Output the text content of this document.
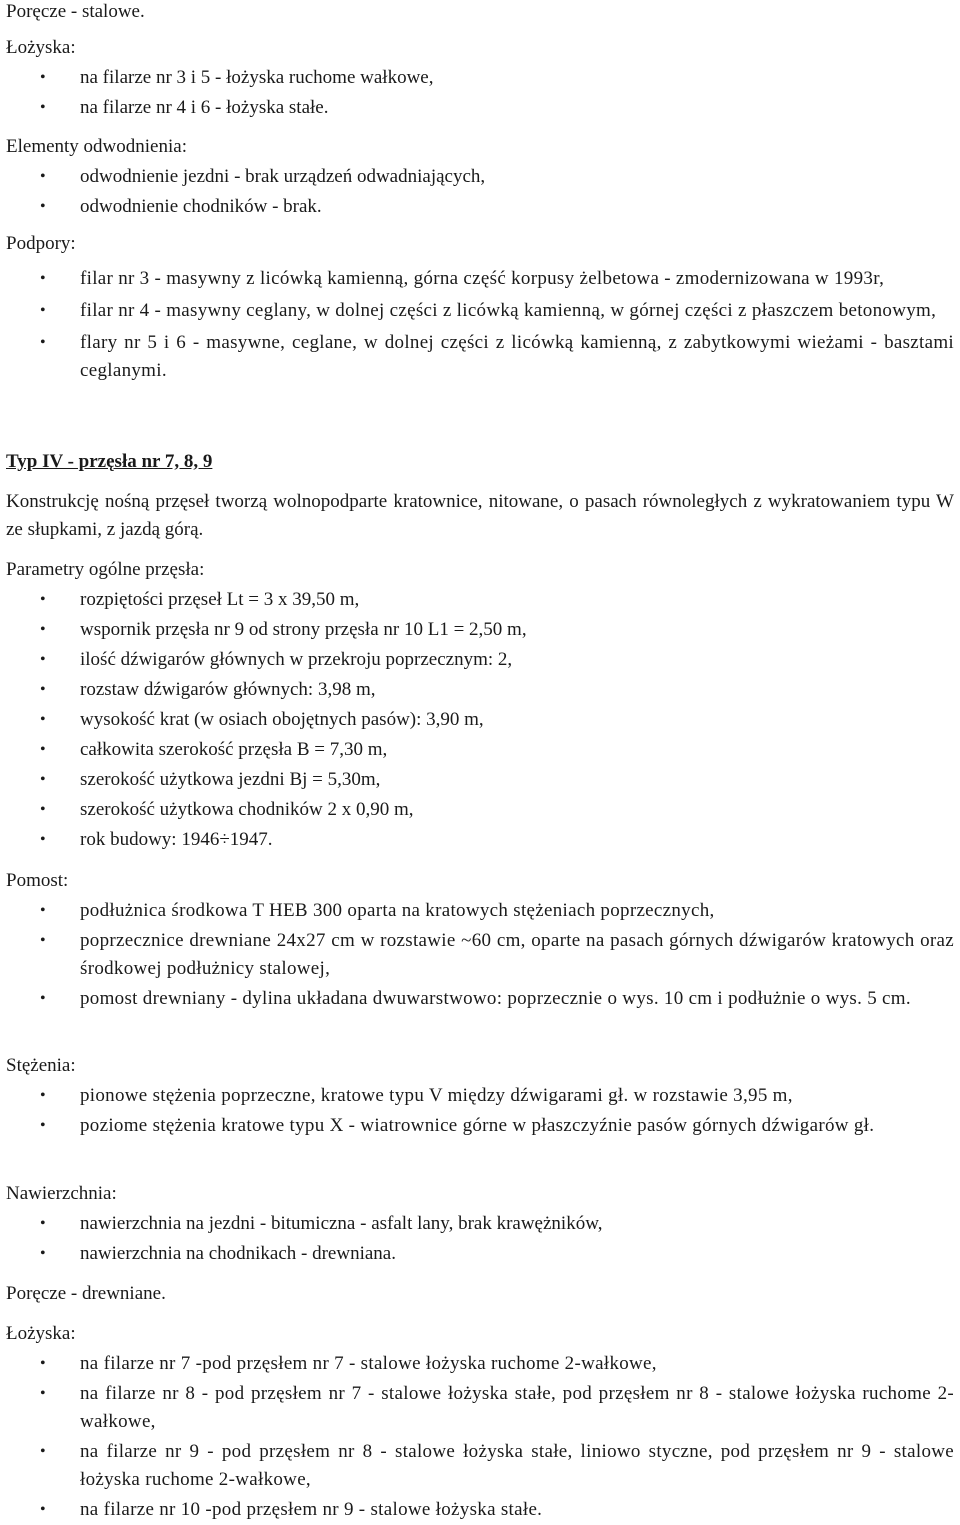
Poręcze - stalowe.

Łożyska:

• na filarze nr 3 i 5 - łożyska ruchome wałkowe,
• na filarze nr 4 i 6 - łożyska stałe.

Elementy odwodnienia:

• odwodnienie jezdni - brak urządzeń odwadniających,
• odwodnienie chodników - brak.

Podpory:

• filar nr 3 - masywny z licówką kamienną, górna część korpusy żelbetowa - zmodernizowana w 1993r,
• filar nr 4 - masywny ceglany, w dolnej części z licówką kamienną, w górnej części z płaszczem betonowym,
• flary nr 5 i 6 - masywne, ceglane, w dolnej części z licówką kamienną, z zabytkowymi wieżami - basztami ceglanymi.

Typ IV - przęsła nr 7, 8, 9

Konstrukcję nośną przęseł tworzą wolnopodparte kratownice, nitowane, o pasach równoległych z wykratowaniem typu W ze słupkami, z jazdą górą.

Parametry ogólne przęsła:

• rozpiętości przęseł Lt = 3 x 39,50 m,
• wspornik przęsła nr 9 od strony przęsła nr 10 L1 = 2,50 m,
• ilość dźwigarów głównych w przekroju poprzecznym: 2,
• rozstaw dźwigarów głównych: 3,98 m,
• wysokość krat (w osiach obojętnych pasów): 3,90 m,
• całkowita szerokość przęsła B = 7,30 m,
• szerokość użytkowa jezdni Bj = 5,30m,
• szerokość użytkowa chodników 2 x 0,90 m,
• rok budowy: 1946÷1947.

Pomost:

• podłużnica środkowa T HEB 300 oparta na kratowych stężeniach poprzecznych,
• poprzecznice drewniane 24x27 cm w rozstawie ~60 cm, oparte na pasach górnych dźwigarów kratowych oraz środkowej podłużnicy stalowej,
• pomost drewniany - dylina układana dwuwarstwowo: poprzecznie o wys. 10 cm i podłużnie o wys. 5 cm.

Stężenia:

• pionowe stężenia poprzeczne, kratowe typu V między dźwigarami gł. w rozstawie 3,95 m,
• poziome stężenia kratowe typu X - wiatrownice górne w płaszczyźnie pasów górnych dźwigarów gł.

Nawierzchnia:

• nawierzchnia na jezdni - bitumiczna - asfalt lany, brak krawężników,
• nawierzchnia na chodnikach - drewniana.

Poręcze - drewniane.

Łożyska:

• na filarze nr 7 -pod przęsłem nr 7 - stalowe łożyska ruchome 2-wałkowe,
• na filarze nr 8 - pod przęsłem nr 7 - stalowe łożyska stałe, pod przęsłem nr 8 - stalowe łożyska ruchome 2-wałkowe,
• na filarze nr 9 - pod przęsłem nr 8 - stalowe łożyska stałe, liniowo styczne, pod przęsłem nr 9 - stalowe łożyska ruchome 2-wałkowe,
• na filarze nr 10 -pod przęsłem nr 9 - stalowe łożyska stałe.
